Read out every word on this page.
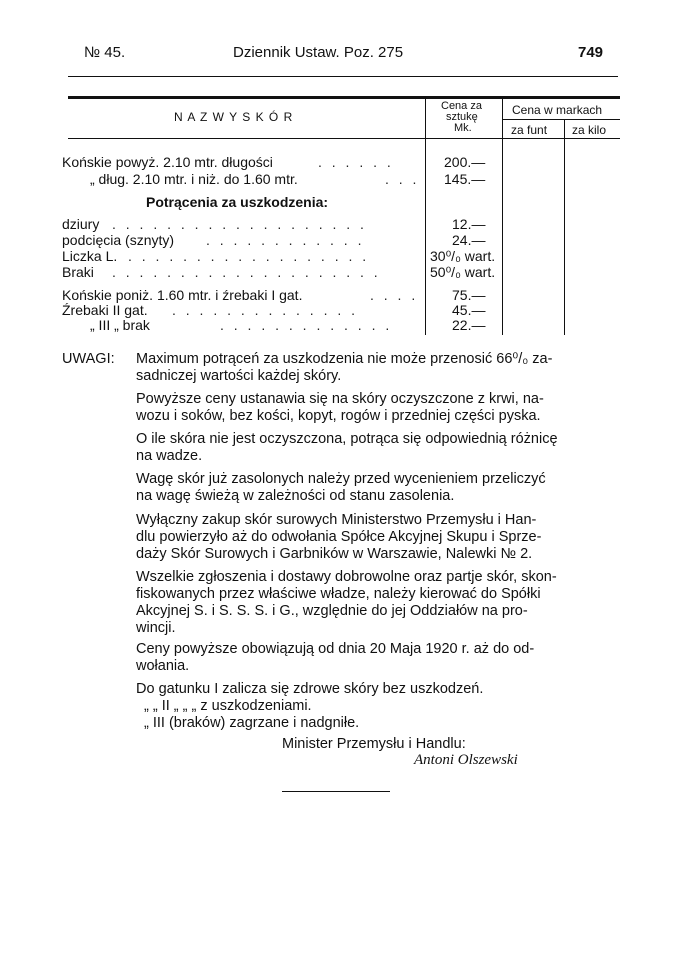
№ 45.	Dziennik Ustaw. Poz. 275	749
N A Z W Y S K Ó R
Cena za
sztukę
Mk.
Cena w markach
za funt za kilo
Końskie powyż. 2.10 mtr. długości	. . . . . .	200.—
„ dług. 2.10 mtr. i niż. do 1.60 mtr.	. . . 145.—
Potrącenia za uszkodzenia:
dziury . . . . . . . . . . . . . . . . . . .	12.—
podcięcia (sznyty) . . . . . . . . . . . .	24.—
Liczka L. . . . . . . . . . . . . . . . . . .	30⁰/₀ wart.
Braki . . . . . . . . . . . . . . . . . . . .	50⁰/₀ wart.
Końskie poniż. 1.60 mtr. i źrebaki I gat.	. . . . 75.—
Źrebaki II gat. . . . . . . . . . . . . . .	45.—
„ III „ brak	. . . . . . . . . . . . .	22.—
UWAGI: Maximum potrąceń za uszkodzenia nie może przenosić 66⁰/₀ za-
sadniczej wartości każdej skóry.
Powyższe ceny ustanawia się na skóry oczyszczone z krwi, na-
wozu i soków, bez kości, kopyt, rogów i przedniej części pyska.
O ile skóra nie jest oczyszczona, potrąca się odpowiednią różnicę
na wadze.
Wagę skór już zasolonych należy przed wycenieniem przeliczyć
na wagę świeżą w zależności od stanu zasolenia.
Wyłączny zakup skór surowych Ministerstwo Przemysłu i Han-
dlu powierzyło aż do odwołania Spółce Akcyjnej Skupu i Sprze-
daży Skór Surowych i Garbników w Warszawie, Nalewki № 2.
Wszelkie zgłoszenia i dostawy dobrowolne oraz partje skór, skon-
fiskowanych przez właściwe władze, należy kierować do Spółki
Akcyjnej S. i S. S. S. i G., względnie do jej Oddziałów na pro-
wincji.
Ceny powyższe obowiązują od dnia 20 Maja 1920 r. aż do od-
wołania.
Do gatunku I zalicza się zdrowe skóry bez uszkodzeń.
„ „ II „ „ „ z uszkodzeniami.
„ III (braków) zagrzane i nadgniłe.
Minister Przemysłu i Handlu:
Antoni Olszewski
